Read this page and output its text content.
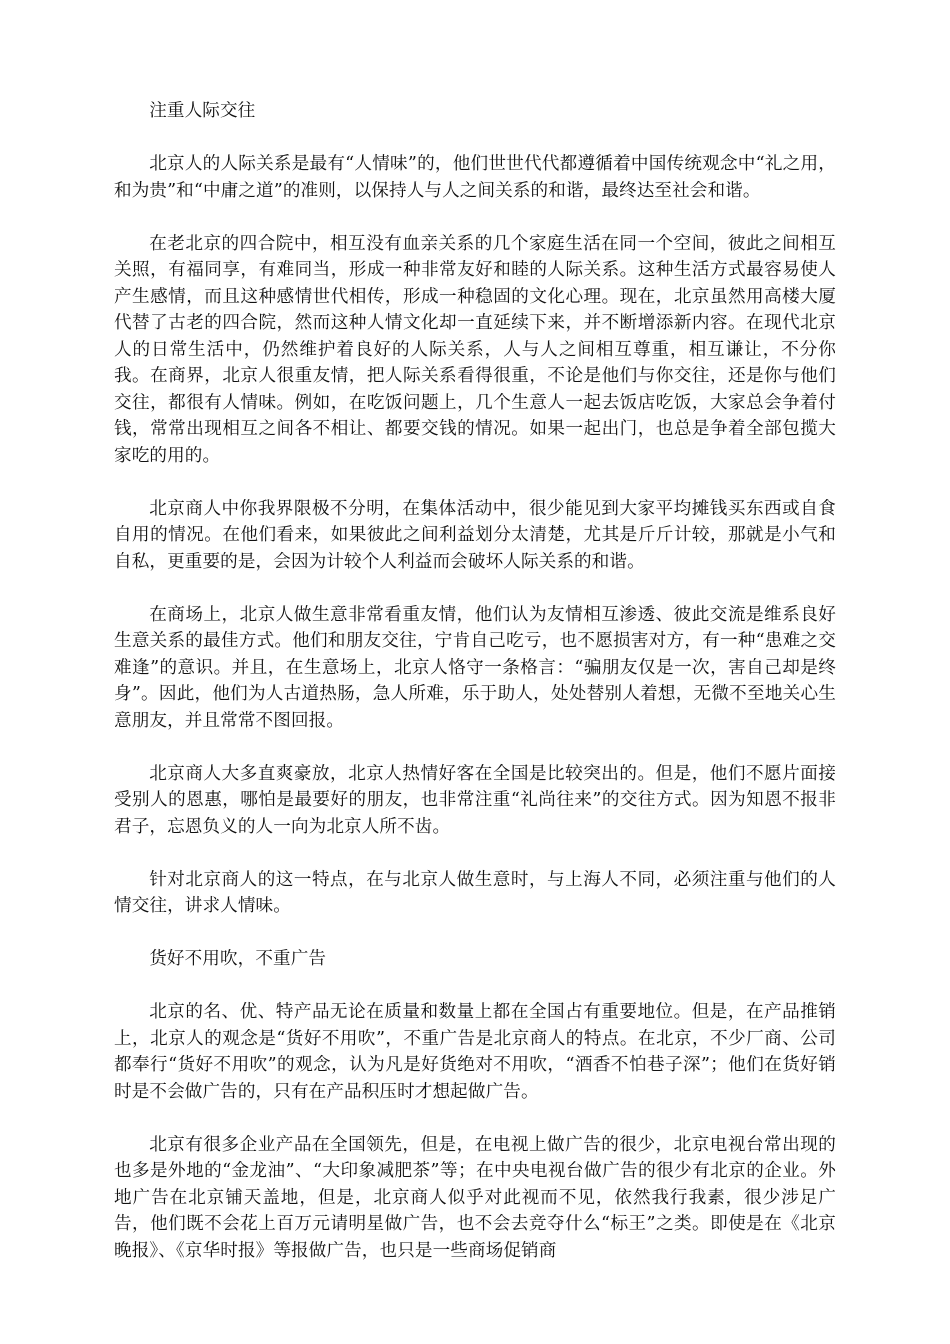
注重人际交往

北京人的人际关系是最有“人情味”的，他们世世代代都遵循着中国传统观念中“礼之用，和为贵”和“中庸之道”的准则，以保持人与人之间关系的和谐，最终达至社会和谐。

在老北京的四合院中，相互没有血亲关系的几个家庭生活在同一个空间，彼此之间相互关照，有福同享，有难同当，形成一种非常友好和睦的人际关系。这种生活方式最容易使人产生感情，而且这种感情世代相传，形成一种稳固的文化心理。现在，北京虽然用高楼大厦代替了古老的四合院，然而这种人情文化却一直延续下来，并不断增添新内容。在现代北京人的日常生活中，仍然维护着良好的人际关系，人与人之间相互尊重，相互谦让，不分你我。在商界，北京人很重友情，把人际关系看得很重，不论是他们与你交往，还是你与他们交往，都很有人情味。例如，在吃饭问题上，几个生意人一起去饭店吃饭，大家总会争着付钱，常常出现相互之间各不相让、都要交钱的情况。如果一起出门，也总是争着全部包揽大家吃的用的。

北京商人中你我界限极不分明，在集体活动中，很少能见到大家平均摊钱买东西或自食自用的情况。在他们看来，如果彼此之间利益划分太清楚，尤其是斤斤计较，那就是小气和自私，更重要的是，会因为计较个人利益而会破坏人际关系的和谐。

在商场上，北京人做生意非常看重友情，他们认为友情相互渗透、彼此交流是维系良好生意关系的最佳方式。他们和朋友交往，宁肯自己吃亏，也不愿损害对方，有一种“患难之交难逢”的意识。并且，在生意场上，北京人恪守一条格言：“骗朋友仅是一次，害自己却是终身”。因此，他们为人古道热肠，急人所难，乐于助人，处处替别人着想，无微不至地关心生意朋友，并且常常不图回报。

北京商人大多直爽豪放，北京人热情好客在全国是比较突出的。但是，他们不愿片面接受别人的恩惠，哪怕是最要好的朋友，也非常注重“礼尚往来”的交往方式。因为知恩不报非君子，忘恩负义的人一向为北京人所不齿。

针对北京商人的这一特点，在与北京人做生意时，与上海人不同，必须注重与他们的人情交往，讲求人情味。

货好不用吹，不重广告

北京的名、优、特产品无论在质量和数量上都在全国占有重要地位。但是，在产品推销上，北京人的观念是“货好不用吹”，不重广告是北京商人的特点。在北京，不少厂商、公司都奉行“货好不用吹”的观念，认为凡是好货绝对不用吹，“酒香不怕巷子深”；他们在货好销时是不会做广告的，只有在产品积压时才想起做广告。

北京有很多企业产品在全国领先，但是，在电视上做广告的很少，北京电视台常出现的也多是外地的“金龙油”、“大印象减肥茶”等；在中央电视台做广告的很少有北京的企业。外地广告在北京铺天盖地，但是，北京商人似乎对此视而不见，依然我行我素，很少涉足广告，他们既不会花上百万元请明星做广告，也不会去竞夺什么“标王”之类。即使是在《北京晚报》、《京华时报》等报做广告，也只是一些商场促销商
